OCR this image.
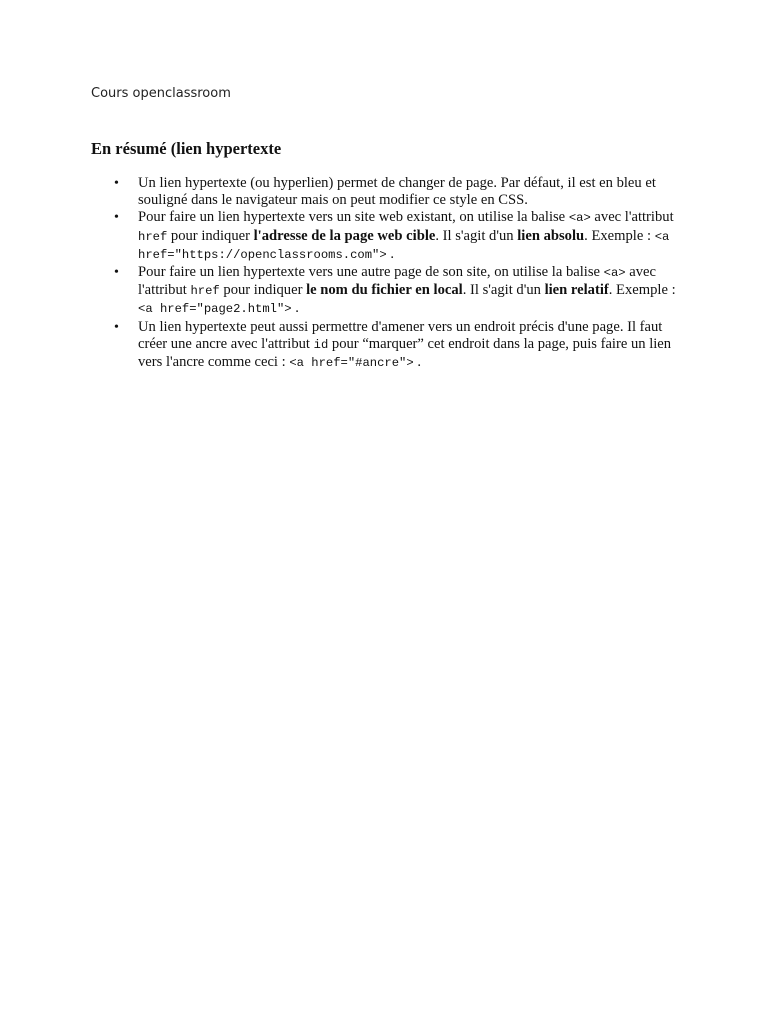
Cours openclassroom
En résumé (lien hypertexte
• Un lien hypertexte (ou hyperlien) permet de changer de page. Par défaut, il est en bleu et souligné dans le navigateur mais on peut modifier ce style en CSS.
• Pour faire un lien hypertexte vers un site web existant, on utilise la balise <a> avec l'attribut href pour indiquer l'adresse de la page web cible. Il s'agit d'un lien absolu. Exemple : <a href="https://openclassrooms.com"> .
• Pour faire un lien hypertexte vers une autre page de son site, on utilise la balise <a> avec l'attribut href pour indiquer le nom du fichier en local. Il s'agit d'un lien relatif. Exemple : <a href="page2.html"> .
• Un lien hypertexte peut aussi permettre d'amener vers un endroit précis d'une page. Il faut créer une ancre avec l'attribut id pour “marquer” cet endroit dans la page, puis faire un lien vers l'ancre comme ceci : <a href="#ancre"> .
